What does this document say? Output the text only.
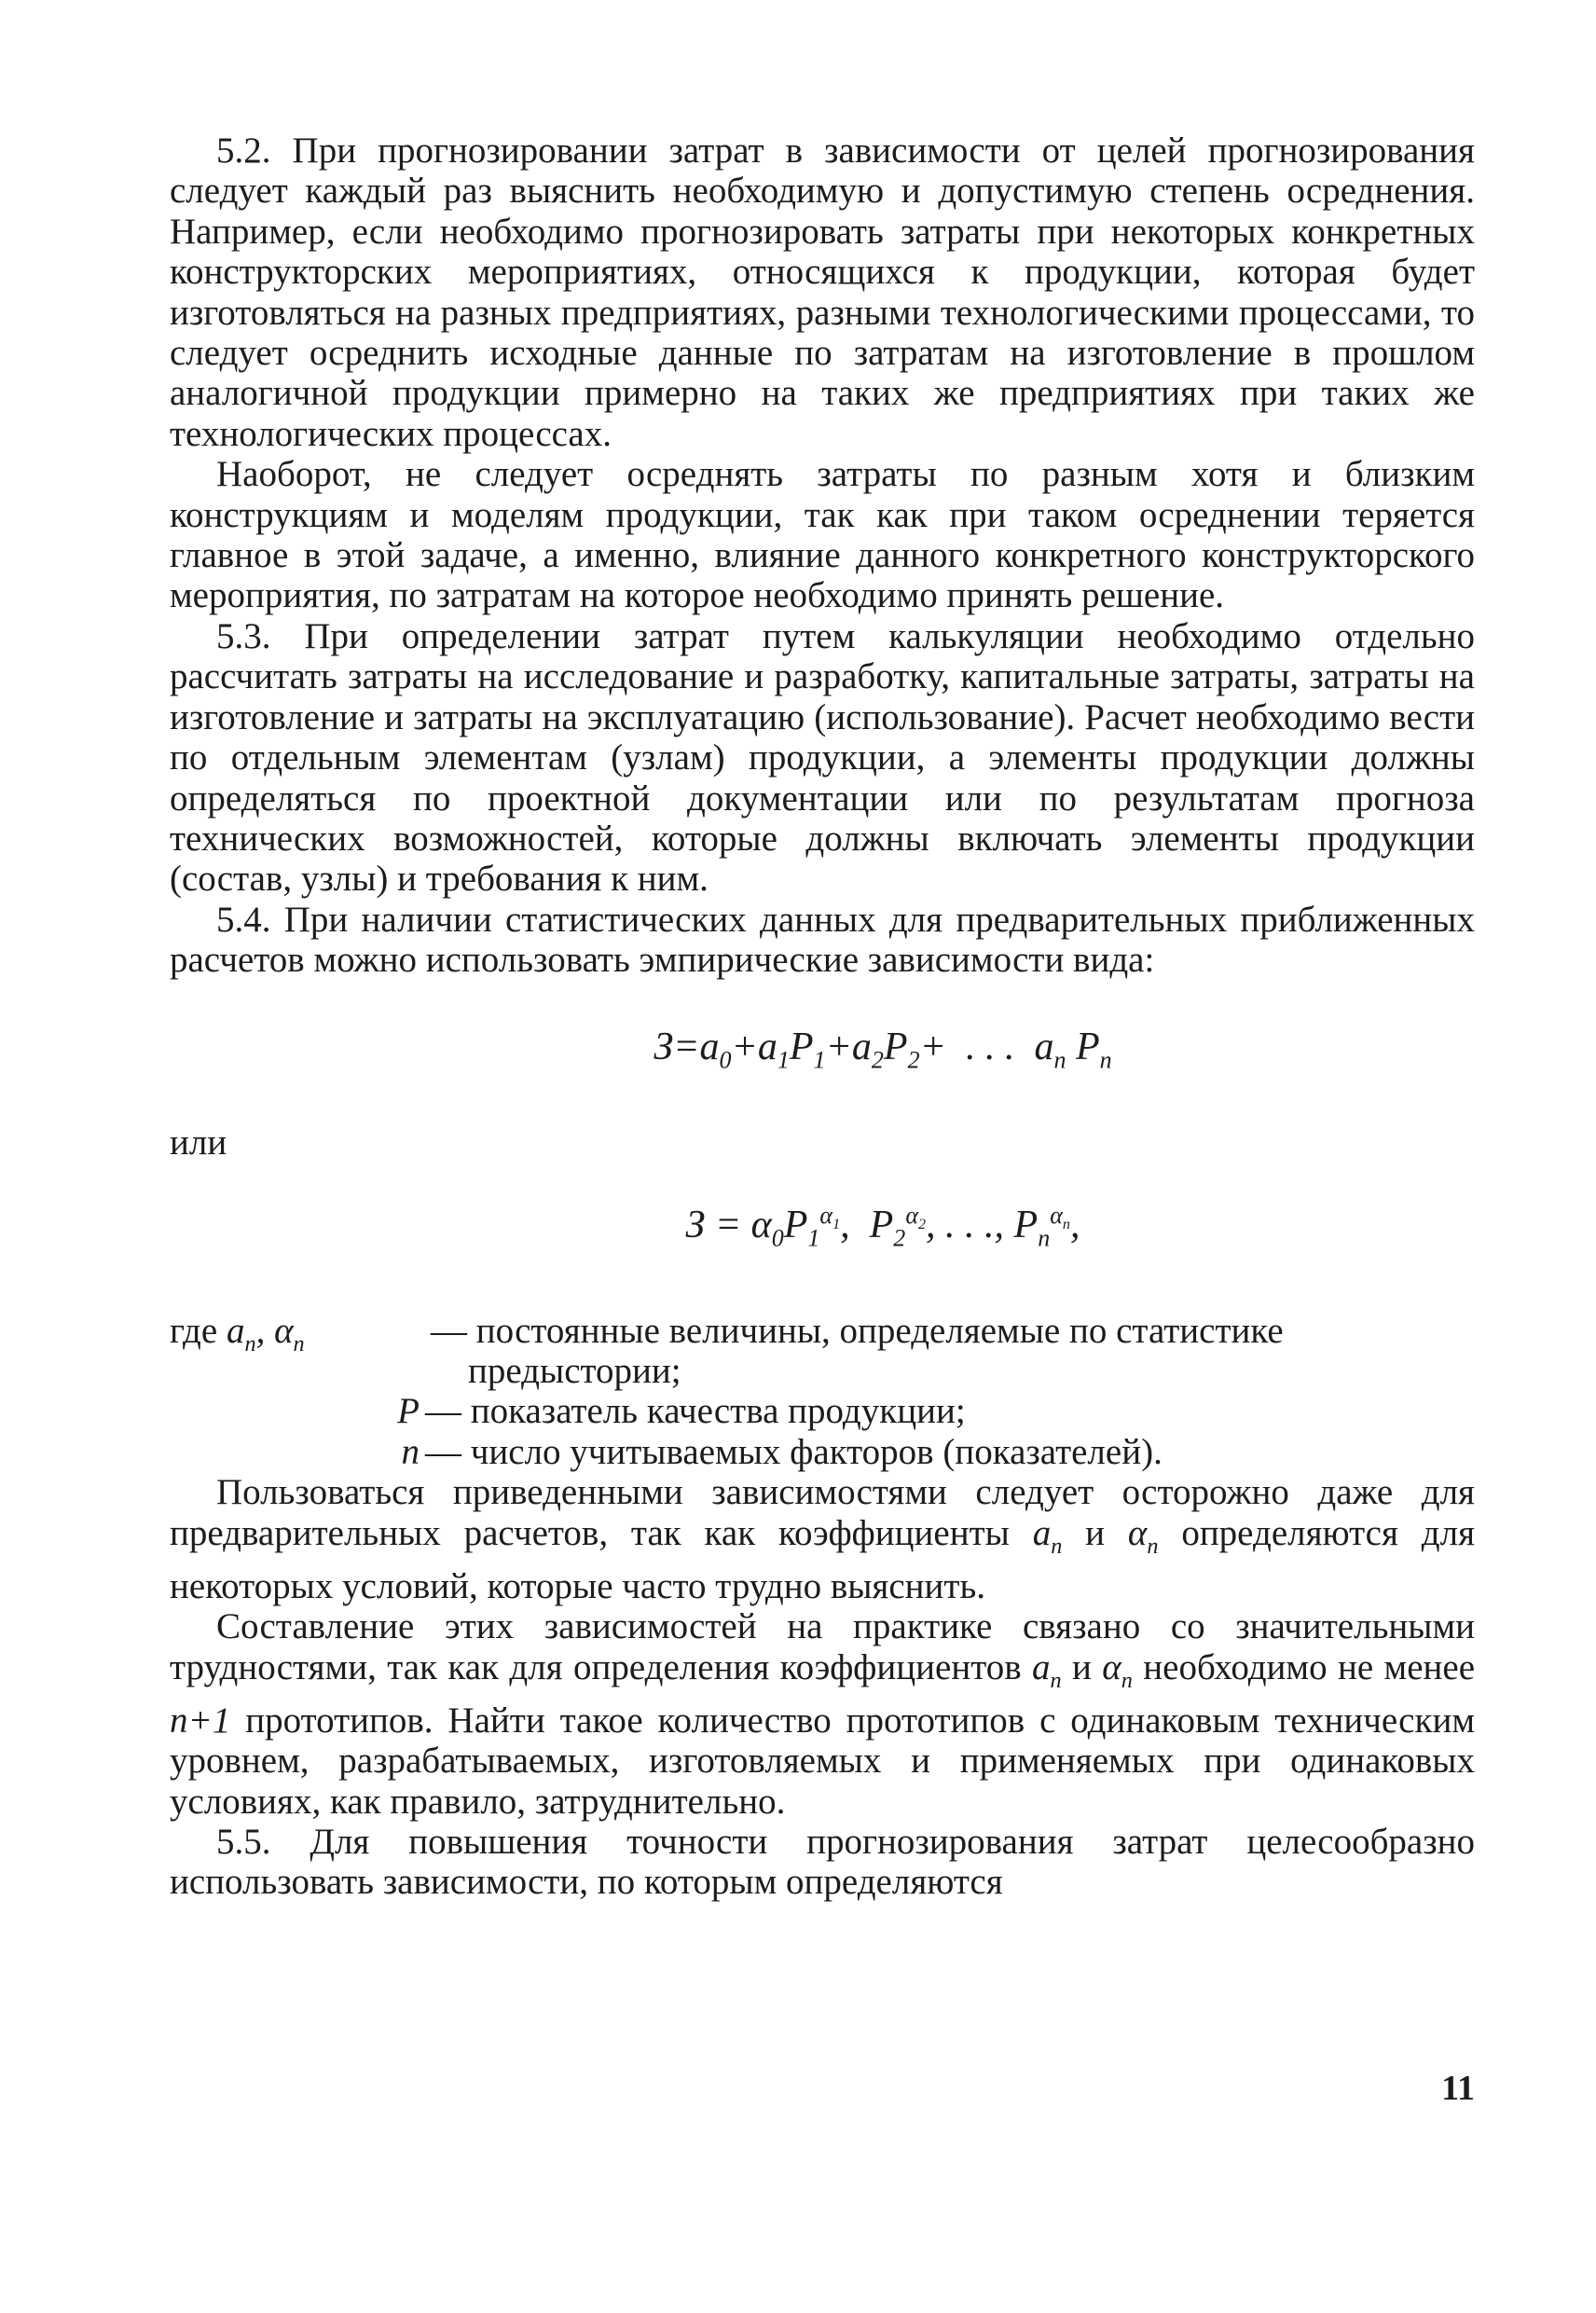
5.2. При прогнозировании затрат в зависимости от целей прогнозирования следует каждый раз выяснить необходимую и допустимую степень осреднения. Например, если необходимо прогнозировать затраты при некоторых конкретных конструкторских мероприятиях, относящихся к продукции, которая будет изготовляться на разных предприятиях, разными технологическими процессами, то следует осреднить исходные данные по затратам на изготовление в прошлом аналогичной продукции примерно на таких же предприятиях при таких же технологических процессах.

Наоборот, не следует осреднять затраты по разным хотя и близким конструкциям и моделям продукции, так как при таком осреднении теряется главное в этой задаче, а именно, влияние данного конкретного конструкторского мероприятия, по затратам на которое необходимо принять решение.

5.3. При определении затрат путем калькуляции необходимо отдельно рассчитать затраты на исследование и разработку, капитальные затраты, затраты на изготовление и затраты на эксплуатацию (использование). Расчет необходимо вести по отдельным элементам (узлам) продукции, а элементы продукции должны определяться по проектной документации или по результатам прогноза технических возможностей, которые должны включать элементы продукции (состав, узлы) и требования к ним.

5.4. При наличии статистических данных для предварительных приближенных расчетов можно использовать эмпирические зависимости вида:

$З=a_0+a_1P_1+a_2P_2+$  . . .  $a_n$ $P_n$

или

$З = \alpha_0P_1^{\alpha_1}$,  $P_2^{\alpha_2}$, . . ., $P_n^{\alpha_n}$,
где $a_n$, $\alpha_n$	— постоянные величины, определяемые по статистике
предыстории;
P — показатель качества продукции;
n — число учитываемых факторов (показателей).

Пользоваться приведенными зависимостями следует осторожно даже для предварительных расчетов, так как коэффициенты $a_n$ и $\alpha_n$ определяются для некоторых условий, которые часто трудно выяснить.

Составление этих зависимостей на практике связано со значительными трудностями, так как для определения коэффициентов $a_n$ и $\alpha_n$ необходимо не менее n+1 прототипов. Найти такое количество прототипов с одинаковым техническим уровнем, разрабатываемых, изготовляемых и применяемых при одинаковых условиях, как правило, затруднительно.

5.5. Для повышения точности прогнозирования затрат целесообразно использовать зависимости, по которым определяются

11
